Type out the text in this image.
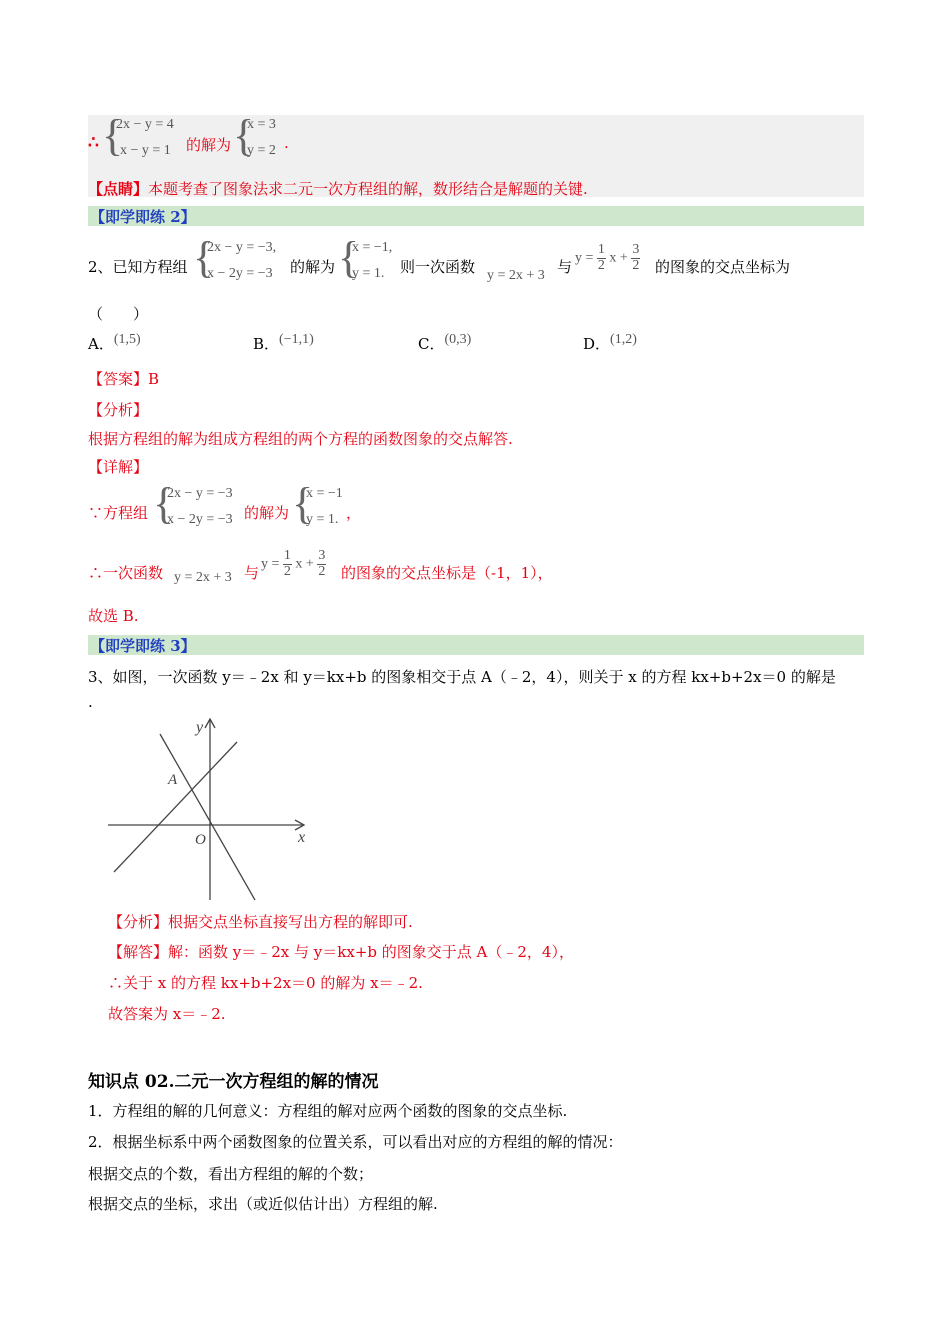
∴ {
2x − y = 4
x − y = 1 的解为 {
x = 3
y = 2 .
【点睛】本题考查了图象法求二元一次方程组的解，数形结合是解题的关键.
【即学即练 2】
2、已知方程组 {
2x − y = −3,
x − 2y = −3 的解为 {
x = −1,
y = 1. 则一次函数 y = 2x + 3 与
$y = \frac{1}{2}$ $x + \frac{3}{2}$ 的图象的交点坐标为
（　　）
A．(1,5)	B．(−1,1)	C．(0,3)	D．(1,2)
【答案】B
【分析】
根据方程组的解为组成方程组的两个方程的函数图象的交点解答.
【详解】
∵方程组 {
2x − y = −3
x − 2y = −3 的解为 {
x = −1
y = 1. ，
∴一次函数 y = 2x + 3 与
$y = \frac{1}{2}$ $x + \frac{3}{2}$ 的图象的交点坐标是（-1，1），
故选 B.
【即学即练 3】
3、如图，一次函数 y＝﹣2x 和 y＝kx+b 的图象相交于点 A（﹣2，4），则关于 x 的方程 kx+b+2x＝0 的解是
.
y
x
O
A
【分析】根据交点坐标直接写出方程的解即可.
【解答】解：函数 y＝﹣2x 与 y＝kx+b 的图象交于点 A（﹣2，4），
∴关于 x 的方程 kx+b+2x＝0 的解为 x＝﹣2.
故答案为 x＝﹣2.
知识点 02.二元一次方程组的解的情况
1．方程组的解的几何意义：方程组的解对应两个函数的图象的交点坐标.
2．根据坐标系中两个函数图象的位置关系，可以看出对应的方程组的解的情况：
根据交点的个数，看出方程组的解的个数；
根据交点的坐标，求出（或近似估计出）方程组的解.
